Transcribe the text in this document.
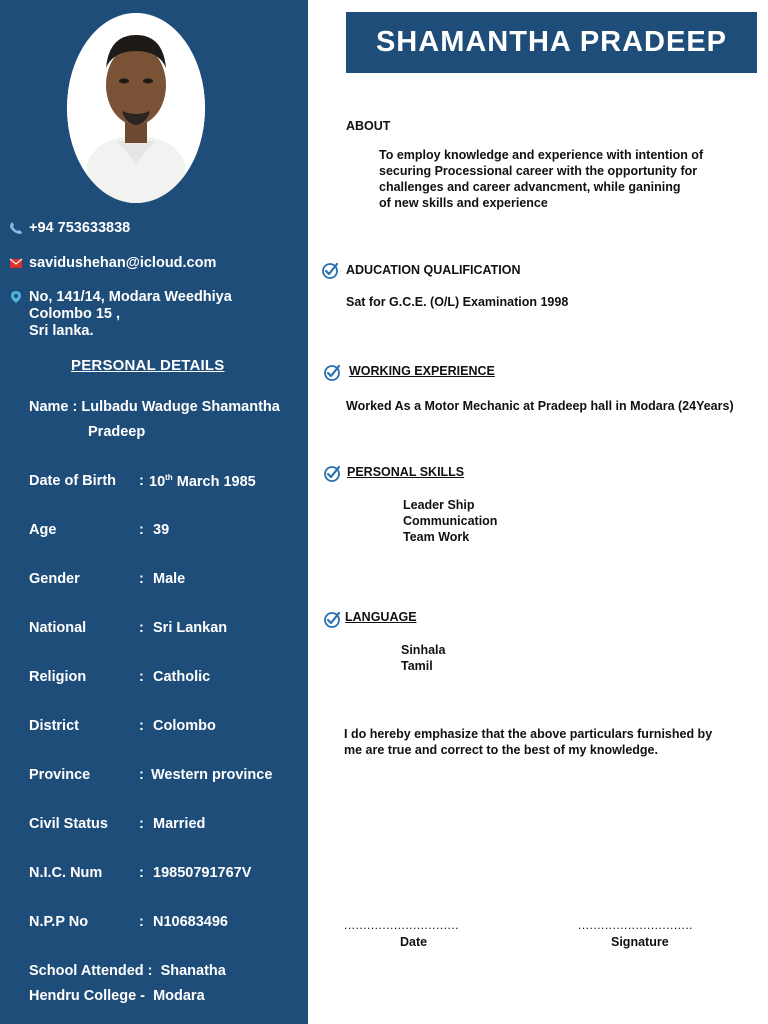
+94 753633838
savidushehan@icloud.com
No, 141/14, Modara Weedhiya
Colombo 15 ,
Sri lanka.
PERSONAL DETAILS
Name : Lulbadu Waduge Shamantha
Pradeep
Date of Birth : 10th March 1985
Age	: 39
Gender	: Male
National	: Sri Lankan
Religion	: Catholic
District	: Colombo
Province	: Western province
Civil Status : Married
N.I.C. Num	: 19850791767V
N.P.P No	: N10683496
School Attended :  Shanatha
Hendru College -  Modara
SHAMANTHA PRADEEP
ABOUT
To employ knowledge and experience with intention of
securing Processional career with the opportunity for
challenges and career advancment, while ganining
of new skills and experience
ADUCATION QUALIFICATION
Sat for G.C.E. (O/L) Examination 1998
WORKING EXPERIENCE
Worked As a Motor Mechanic at Pradeep hall in Modara (24Years)
PERSONAL SKILLS
Leader Ship
Communication
Team Work
LANGUAGE
Sinhala
Tamil
I do hereby emphasize that the above particulars furnished by
me are true and correct to the best of my knowledge.
..............................
Date
..............................
Signature
